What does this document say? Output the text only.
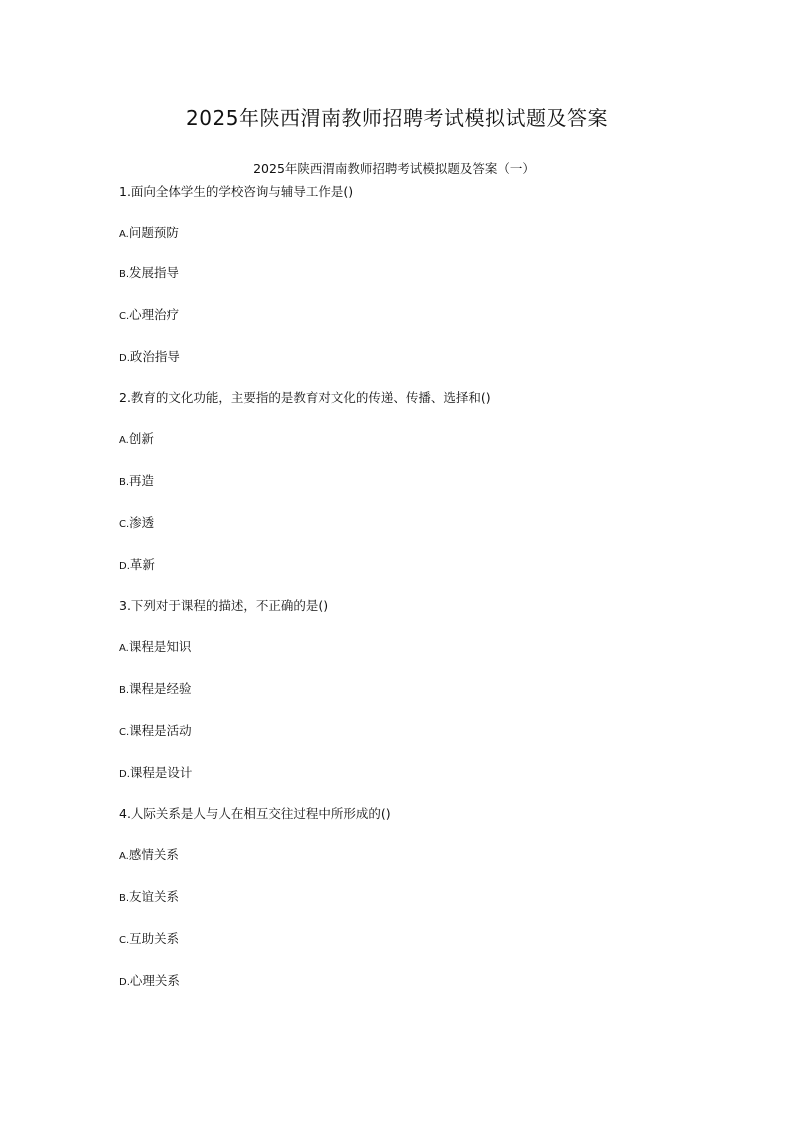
2025年陕西渭南教师招聘考试模拟试题及答案
2025年陕西渭南教师招聘考试模拟题及答案（一）
1.面向全体学生的学校咨询与辅导工作是()
A.问题预防
B.发展指导
C.心理治疗
D.政治指导
2.教育的文化功能，主要指的是教育对文化的传递、传播、选择和()
A.创新
B.再造
C.渗透
D.革新
3.下列对于课程的描述，不正确的是()
A.课程是知识
B.课程是经验
C.课程是活动
D.课程是设计
4.人际关系是人与人在相互交往过程中所形成的()
A.感情关系
B.友谊关系
C.互助关系
D.心理关系
